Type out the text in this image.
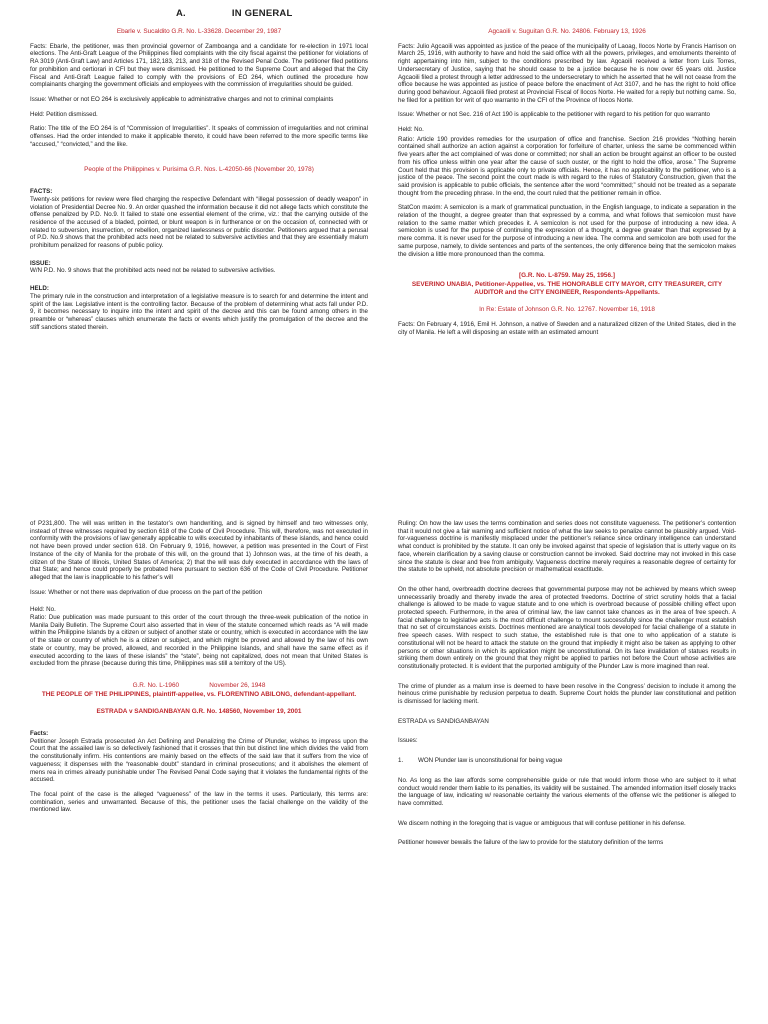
A.	IN GENERAL

Ebarle v. Sucaldito G.R. No. L-33628. December 29, 1987

Facts: Ebarle, the petitioner, was then provincial governor of Zamboanga and a candidate for re-election in 1971 local elections. The Anti-Graft League of the Philippines filed complaints with the city fiscal against the petitioner for violations of RA 3019 (Anti-Graft Law) and Articles 171, 182,183, 213, and 318 of the Revised Penal Code. The petitioner filed petitions for prohibition and certiorari in CFI but they were dismissed. He petitioned to the Supreme Court and alleged that the City Fiscal and Anti-Graft League failed to comply with the provisions of EO 264, which outlined the procedure how complainants charging the government officials and employees with the commission of irregularities should be guided.

Issue: Whether or not EO 264 is exclusively applicable to administrative charges and not to criminal complaints

Held: Petition dismissed.

Ratio: The title of the EO 264 is of “Commission of Irregularities”. It speaks of commission of irregularities and not criminal offenses. Had the order intended to make it applicable thereto, it could have been referred to the more specific terms like “accused,” “convicted,” and the like.

People of the Philippines v. Purisima G.R. Nos. L-42050-66 (November 20, 1978)

FACTS:

Twenty-six petitions for review were filed charging the respective Defendant with “illegal possession of deadly weapon” in violation of Presidential Decree No. 9. An order quashed the information because it did not allege facts which constitute the offense penalized by P.D. No.9. It failed to state one essential element of the crime, viz.: that the carrying outside of the residence of the accused of a bladed, pointed, or blunt weapon is in furtherance or on the occasion of, connected with or related to subversion, insurrection, or rebellion, organized lawlessness or public disorder. Petitioners argued that a perusal of P.D. No.9 shows that the prohibited acts need not be related to subversive activities and that they are essentially malum prohibitum penalized for reasons of public policy.

ISSUE:

W/N P.D. No. 9 shows that the prohibited acts need not be related to subversive activities.

HELD:

The primary rule in the construction and interpretation of a legislative measure is to search for and determine the intent and spirit of the law. Legislative intent is the controlling factor. Because of the problem of determining what acts fall under P.D. 9, it becomes necessary to inquire into the intent and spirit of the decree and this can be found among others in the preamble or “whereas” clauses which enumerate the facts or events which justify the promulgation of the decree and the stiff sanctions stated therein.

Agcaoili v. Suguitan G.R. No. 24806. February 13, 1926

Facts: Julio Agcaoili was appointed as justice of the peace of the municipality of Laoag, Ilocos Norte by Francis Harrison on March 25, 1916, with authority to have and hold the said office with all the powers, privileges, and emoluments thereinto of right appertaining into him, subject to the conditions prescribed by law. Agcaoili received a letter from Luis Torres, Undersecretary of Justice, saying that he should cease to be a justice because he is now over 65 years old. Justice Agcaoili filed a protest through a letter addressed to the undersecretary to which he asserted that he will not cease from the office because he was appointed as justice of peace before the enactment of Act 3107, and he has the right to hold office during good behaviour. Agcaoili filed protest at Provincial Fiscal of Ilocos Norte. He waited for a reply but nothing came. So, he filed for a petition for writ of quo warranto in the CFI of the Province of Ilocos Norte.

Issue: Whether or not Sec. 216 of Act 190 is applicable to the petitioner with regard to his petition for quo warranto

Held: No.

Ratio: Article 190 provides remedies for the usurpation of office and franchise. Section 216 provides “Nothing herein contained shall authorize an action against a corporation for forfeiture of charter, unless the same be commenced within five years after the act complained of was done or committed; nor shall an action be brought against an officer to be ousted from his office unless within one year after the cause of such ouster, or the right to hold the office, arose.” The Supreme Court held that this provision is applicable only to private officials. Hence, it has no applicability to the petitioner, who is a justice of the peace. The second point the court made is with regard to the rules of Statutory Construction, given that the said provision is applicable to public officials, the sentence after the word “committed;” should not be treated as a separate thought from the preceding phrase. In the end, the court ruled that the petitioner remain in office.

StatCon maxim: A semicolon is a mark of grammatical punctuation, in the English language, to indicate a separation in the relation of the thought, a degree greater than that expressed by a comma, and what follows that semicolon must have relation to the same matter which precedes it. A semicolon is not used for the purpose of introducing a new idea. A semicolon is used for the purpose of continuing the expression of a thought, a degree greater than that expressed by a mere comma. It is never used for the purpose of introducing a new idea. The comma and semicolon are both used for the same purpose, namely, to divide sentences and parts of the sentences, the only difference being that the semicolon makes the division a little more pronounced than the comma.

[G.R. No. L-8759. May 25, 1956.]

SEVERINO UNABIA, Petitioner-Appellee, vs. THE HONORABLE CITY MAYOR, CITY TREASURER, CITY AUDITOR and the CITY ENGINEER, Respondents-Appellants.

In Re: Estate of Johnson G.R. No. 12767. November 16, 1918

Facts: On February 4, 1916, Emil H. Johnson, a native of Sweden and a naturalized citizen of the United States, died in the city of Manila. He left a will disposing an estate with an estimated amount

of P231,800. The will was written in the testator’s own handwriting, and is signed by himself and two witnesses only, instead of three witnesses required by section 618 of the Code of Civil Procedure. This will, therefore, was not executed in conformity with the provisions of law generally applicable to wills executed by inhabitants of these islands, and hence could not have been proved under section 618. On February 9, 1916, however, a petition was presented in the Court of First Instance of the city of Manila for the probate of this will, on the ground that 1) Johnson was, at the time of his death, a citizen of the State of Illinois, United States of America; 2) that the will was duly executed in accordance with the laws of that State; and hence could properly be probated here pursuant to section 636 of the Code of Civil Procedure. Petitioner alleged that the law is inapplicable to his father’s will

Issue: Whether or not there was deprivation of due process on the part of the petition

Held: No.

Ratio: Due publication was made pursuant to this order of the court through the three-week publication of the notice in Manila Daily Bulletin. The Supreme Court also asserted that in view of the statute concerned which reads as “A will made within the Philippine Islands by a citizen or subject of another state or country, which is executed in accordance with the law of the state or country of which he is a citizen or subject, and which might be proved and allowed by the law of his own state or country, may be proved, allowed, and recorded in the Philippine Islands, and shall have the same effect as if executed according to the laws of these islands” the “state”, being not capitalized, does not mean that United States is excluded from the phrase (because during this time, Philippines was still a territory of the US).

G.R. No. L-1960                 November 26, 1948

THE PEOPLE OF THE PHILIPPINES, plaintiff-appellee, vs. FLORENTINO ABILONG, defendant-appellant.

ESTRADA v SANDIGANBAYAN G.R. No. 148560, November 19, 2001

Facts:

Petitioner Joseph Estrada prosecuted An Act Defining and Penalizing the Crime of Plunder, wishes to impress upon the Court that the assailed law is so defectively fashioned that it crosses that thin but distinct line which divides the valid from the constitutionally infirm. His contentions are mainly based on the effects of the said law that it suffers from the vice of vagueness; it dispenses with the “reasonable doubt” standard in criminal prosecutions; and it abolishes the element of mens rea in crimes already punishable under The Revised Penal Code saying that it violates the fundamental rights of the accused.

The focal point of the case is the alleged “vagueness” of the law in the terms it uses. Particularly, this terms are: combination, series and unwarranted. Because of this, the petitioner uses the facial challenge on the validity of the mentioned law.

Ruling: On how the law uses the terms combination and series does not constitute vagueness. The petitioner’s contention that it would not give a fair warning and sufficient notice of what the law seeks to penalize cannot be plausibly argued. Void-for-vagueness doctrine is manifestly misplaced under the petitioner’s reliance since ordinary intelligence can understand what conduct is prohibited by the statute. It can only be invoked against that specie of legislation that is utterly vague on its face, wherein clarification by a saving clause or construction cannot be invoked. Said doctrine may not invoked in this case since the statute is clear and free from ambiguity. Vagueness doctrine merely requires a reasonable degree of certainty for the statute to be upheld, not absolute precision or mathematical exactitude.

On the other hand, overbreadth doctrine decrees that governmental purpose may not be achieved by means which sweep unnecessarily broadly and thereby invade the area of protected freedoms. Doctrine of strict scrutiny holds that a facial challenge is allowed to be made to vague statute and to one which is overbroad because of possible chilling effect upon protected speech. Furthermore, in the area of criminal law, the law cannot take chances as in the area of free speech. A facial challenge to legislative acts is the most difficult challenge to mount successfully since the challenger must establish that no set of circumstances exists. Doctrines mentioned are analytical tools developed for facial challenge of a statute in free speech cases. With respect to such statue, the established rule is that one to who application of a statute is constitutional will not be heard to attack the statute on the ground that impliedly it might also be taken as applying to other persons or other situations in which its application might be unconstitutional. On its face invalidation of statues results in striking them down entirely on the ground that they might be applied to parties not before the Court whose activities are constitutionally protected. It is evident that the purported ambiguity of the Plunder Law is more imagined than real.

The crime of plunder as a malum inse is deemed to have been resolve in the Congress’ decision to include it among the heinous crime punishable by reclusion perpetua to death. Supreme Court holds the plunder law constitutional and petition is dismissed for lacking merit.

ESTRADA vs SANDIGANBAYAN

Issues:

1. WON Plunder law is unconstitutional for being vague

No. As long as the law affords some comprehensible guide or rule that would inform those who are subject to it what conduct would render them liable to its penalties, its validity will be sustained. The amended information itself closely tracks the language of law, indicating w/ reasonable certainty the various elements of the offense w/c the petitioner is alleged to have committed.

We discern nothing in the foregoing that is vague or ambiguous that will confuse petitioner in his defense.

Petitioner however bewails the failure of the law to provide for the statutory definition of the terms
